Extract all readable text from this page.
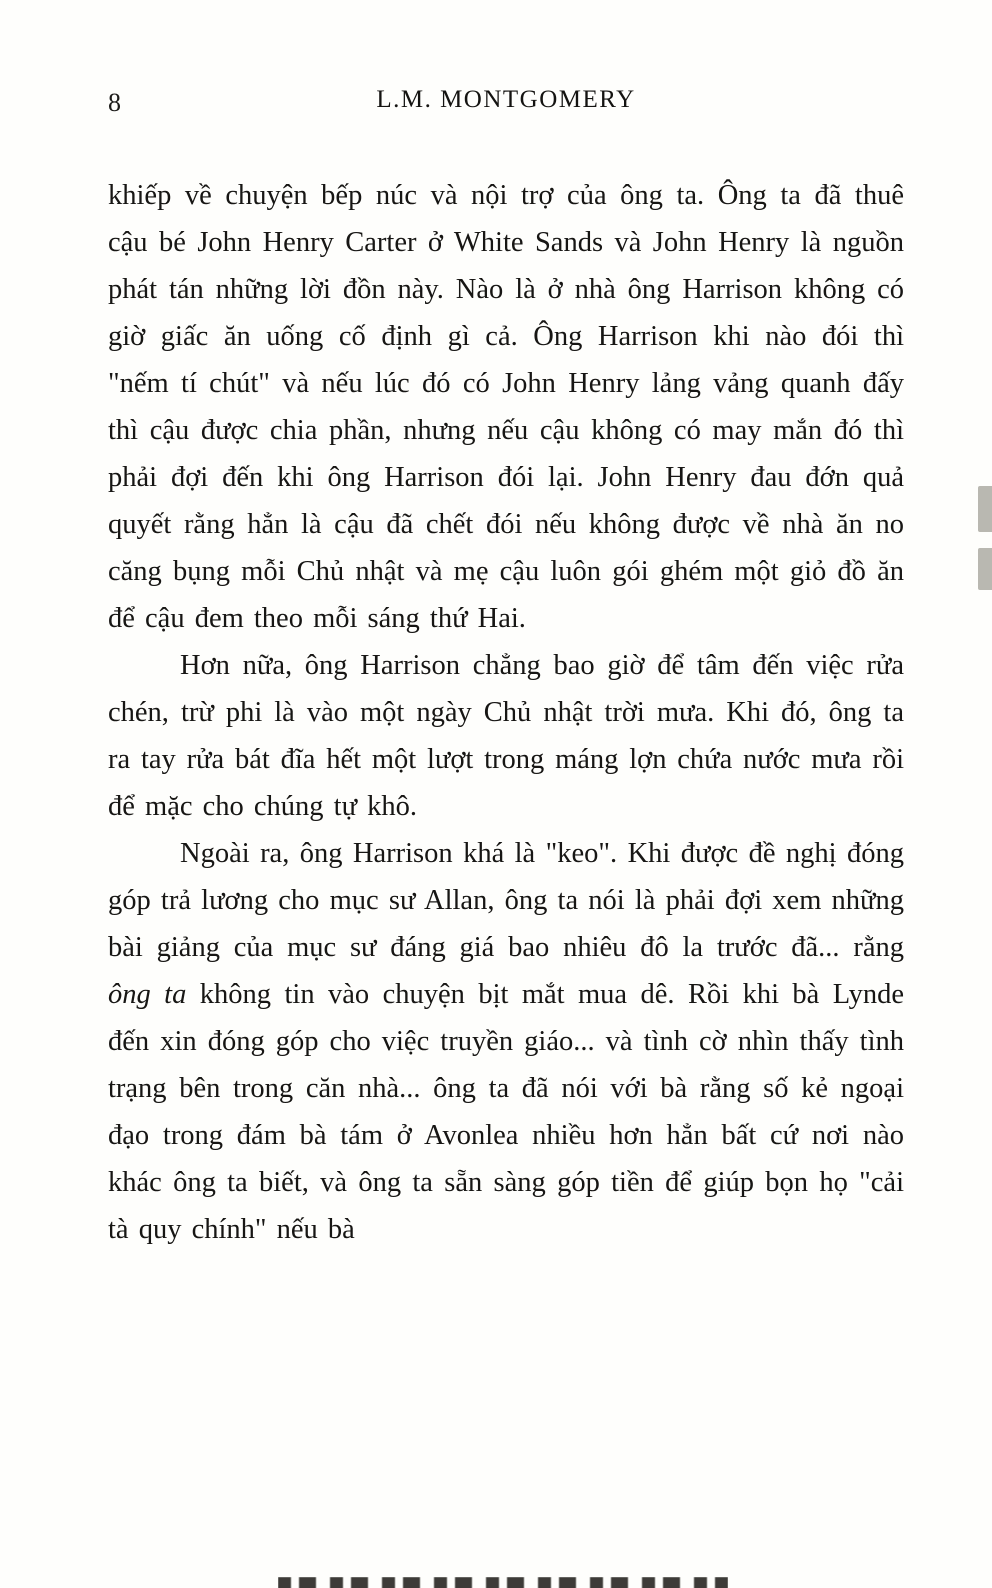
8	L.M. MONTGOMERY

khiếp về chuyện bếp núc và nội trợ của ông ta. Ông ta đã thuê cậu bé John Henry Carter ở White Sands và John Henry là nguồn phát tán những lời đồn này. Nào là ở nhà ông Harrison không có giờ giấc ăn uống cố định gì cả. Ông Harrison khi nào đói thì "nếm tí chút" và nếu lúc đó có John Henry lảng vảng quanh đấy thì cậu được chia phần, nhưng nếu cậu không có may mắn đó thì phải đợi đến khi ông Harrison đói lại. John Henry đau đớn quả quyết rằng hẳn là cậu đã chết đói nếu không được về nhà ăn no căng bụng mỗi Chủ nhật và mẹ cậu luôn gói ghém một giỏ đồ ăn để cậu đem theo mỗi sáng thứ Hai.

Hơn nữa, ông Harrison chẳng bao giờ để tâm đến việc rửa chén, trừ phi là vào một ngày Chủ nhật trời mưa. Khi đó, ông ta ra tay rửa bát đĩa hết một lượt trong máng lợn chứa nước mưa rồi để mặc cho chúng tự khô.

Ngoài ra, ông Harrison khá là "keo". Khi được đề nghị đóng góp trả lương cho mục sư Allan, ông ta nói là phải đợi xem những bài giảng của mục sư đáng giá bao nhiêu đô la trước đã... rằng ông ta không tin vào chuyện bịt mắt mua dê. Rồi khi bà Lynde đến xin đóng góp cho việc truyền giáo... và tình cờ nhìn thấy tình trạng bên trong căn nhà... ông ta đã nói với bà rằng số kẻ ngoại đạo trong đám bà tám ở Avonlea nhiều hơn hẳn bất cứ nơi nào khác ông ta biết, và ông ta sẵn sàng góp tiền để giúp bọn họ "cải tà quy chính" nếu bà
